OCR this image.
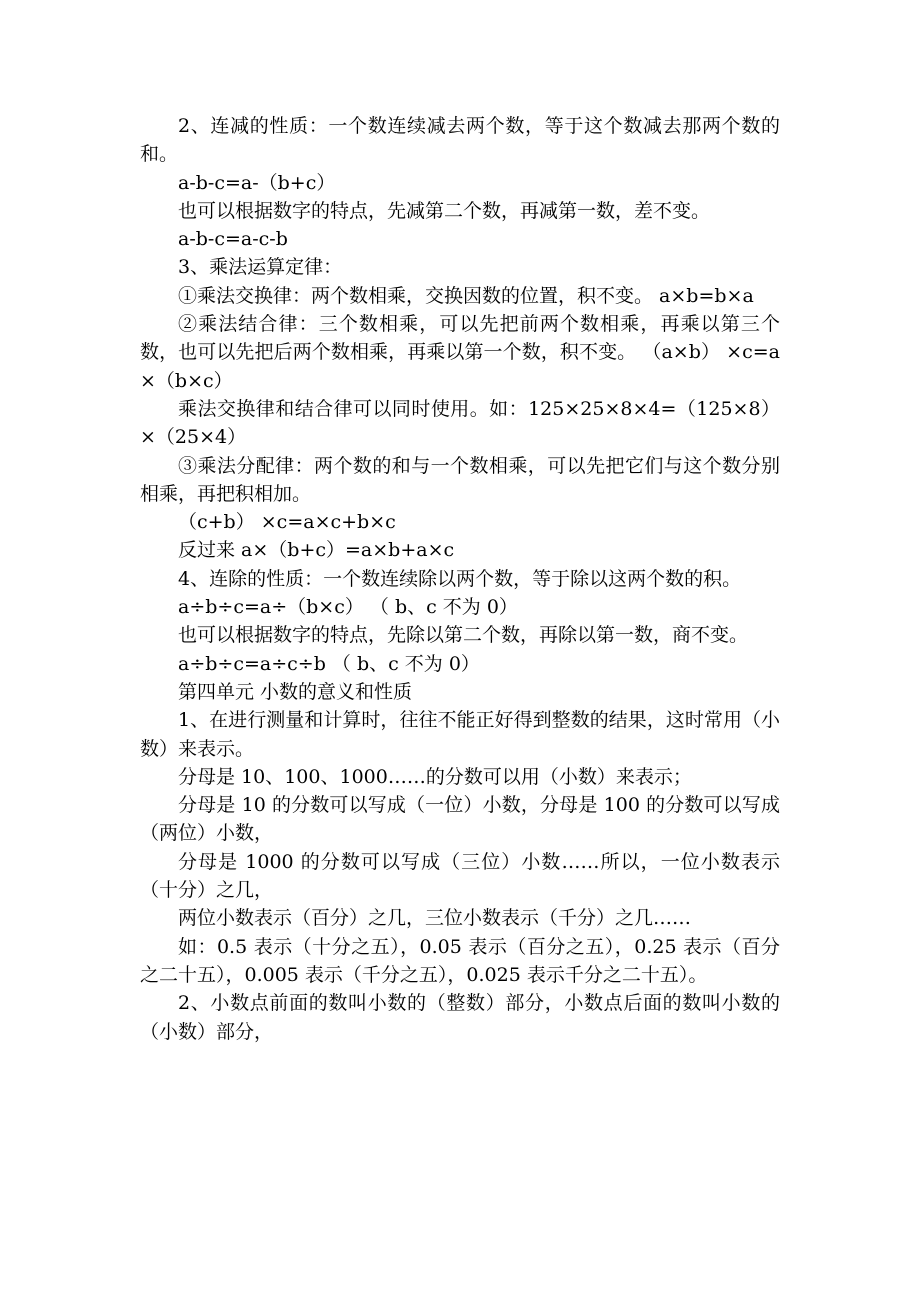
2、连减的性质：一个数连续减去两个数，等于这个数减去那两个数的和。

a-b-c=a-（b+c）

也可以根据数字的特点，先减第二个数，再减第一数，差不变。

a-b-c=a-c-b

3、乘法运算定律：

①乘法交换律：两个数相乘，交换因数的位置，积不变。 a×b=b×a

②乘法结合律：三个数相乘，可以先把前两个数相乘，再乘以第三个数，也可以先把后两个数相乘，再乘以第一个数，积不变。 （a×b） ×c=a×（b×c）

乘法交换律和结合律可以同时使用。如：125×25×8×4=（125×8）×（25×4）

③乘法分配律：两个数的和与一个数相乘，可以先把它们与这个数分别相乘，再把积相加。

（c+b） ×c=a×c+b×c

反过来 a×（b+c）=a×b+a×c

4、连除的性质：一个数连续除以两个数，等于除以这两个数的积。

a÷b÷c=a÷（b×c） （ b、c 不为 0）

也可以根据数字的特点，先除以第二个数，再除以第一数，商不变。

a÷b÷c=a÷c÷b （ b、c 不为 0）

第四单元 小数的意义和性质

1、在进行测量和计算时，往往不能正好得到整数的结果，这时常用（小数）来表示。

分母是 10、100、1000……的分数可以用（小数）来表示；

分母是 10 的分数可以写成（一位）小数，分母是 100 的分数可以写成（两位）小数，

分母是 1000 的分数可以写成（三位）小数……所以，一位小数表示（十分）之几，

两位小数表示（百分）之几，三位小数表示（千分）之几……

如：0.5 表示（十分之五），0.05 表示（百分之五），0.25 表示（百分之二十五），0.005 表示（千分之五），0.025 表示千分之二十五）。

2、小数点前面的数叫小数的（整数）部分，小数点后面的数叫小数的（小数）部分，
